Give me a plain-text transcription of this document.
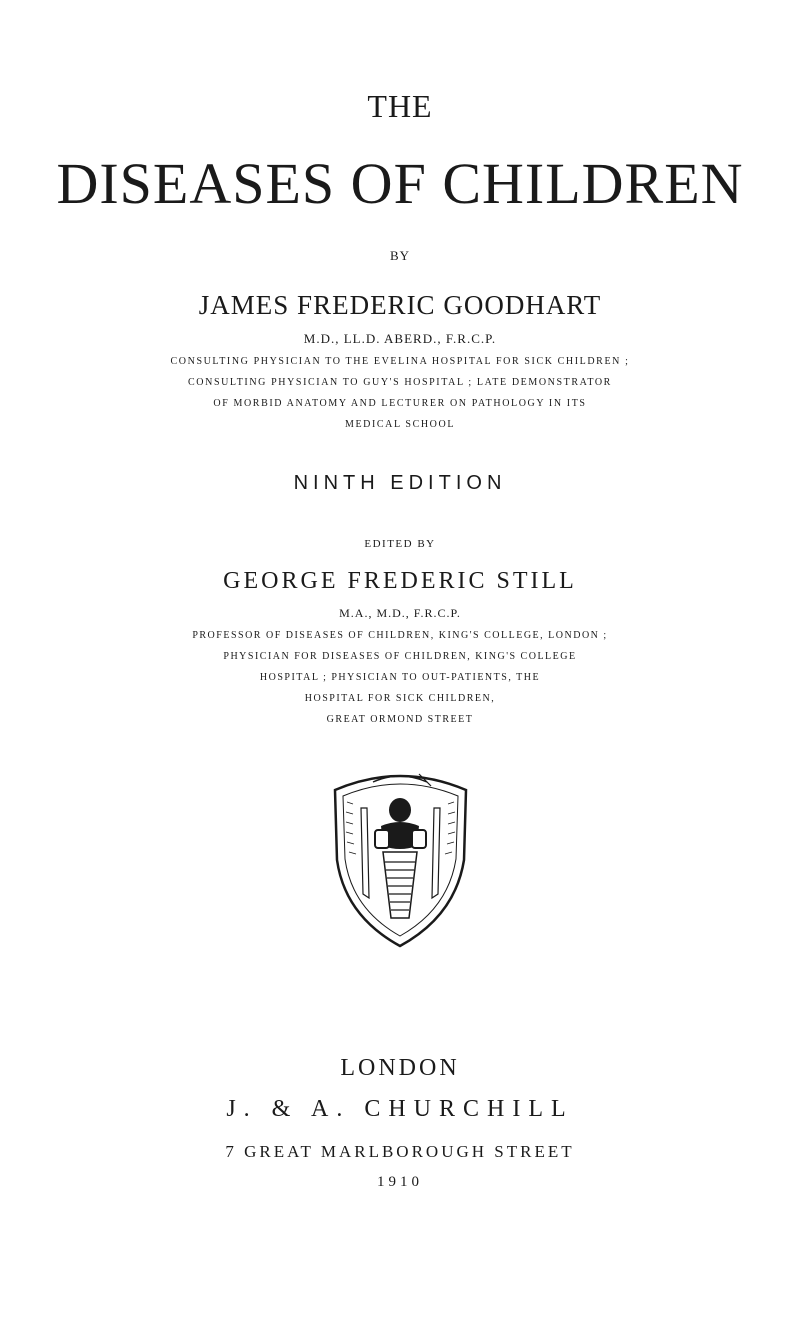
THE
DISEASES OF CHILDREN
BY
JAMES FREDERIC GOODHART
M.D., LL.D. ABERD., F.R.C.P.
CONSULTING PHYSICIAN TO THE EVELINA HOSPITAL FOR SICK CHILDREN ;
CONSULTING PHYSICIAN TO GUY'S HOSPITAL ; LATE DEMONSTRATOR
OF MORBID ANATOMY AND LECTURER ON PATHOLOGY IN ITS
MEDICAL SCHOOL
NINTH EDITION
EDITED BY
GEORGE FREDERIC STILL
M.A., M.D., F.R.C.P.
PROFESSOR OF DISEASES OF CHILDREN, KING'S COLLEGE, LONDON ;
PHYSICIAN FOR DISEASES OF CHILDREN, KING'S COLLEGE
HOSPITAL ; PHYSICIAN TO OUT-PATIENTS, THE
HOSPITAL FOR SICK CHILDREN,
GREAT ORMOND STREET
LONDON
J. & A. CHURCHILL
7 GREAT MARLBOROUGH STREET
1910
